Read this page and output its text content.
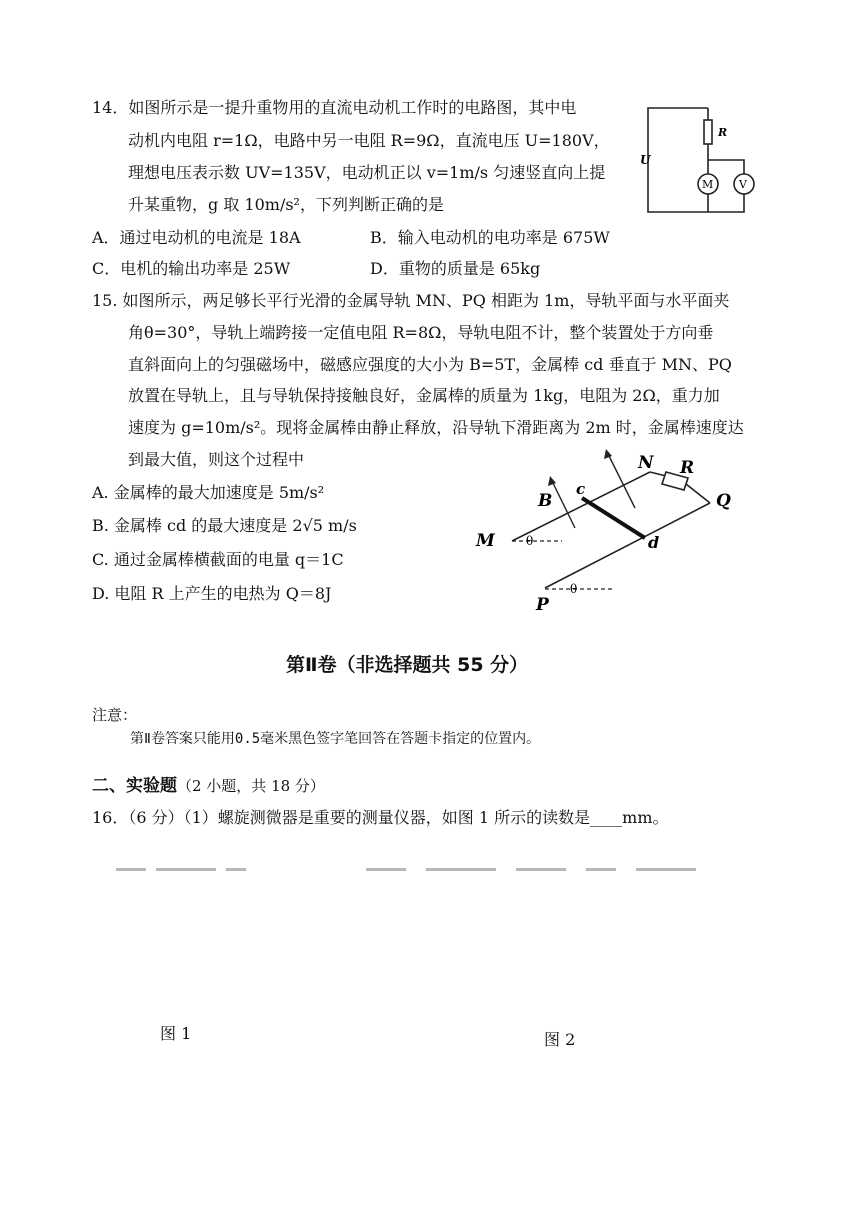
14．如图所示是一提升重物用的直流电动机工作时的电路图，其中电
动机内电阻 r=1Ω，电路中另一电阻 R=9Ω，直流电压 U=180V，
理想电压表示数 UV=135V，电动机正以 v=1m/s 匀速竖直向上提
升某重物，g 取 10m/s²，下列判断正确的是
A．通过电动机的电流是 18A	B．输入电动机的电功率是 675W
C．电机的输出功率是 25W	D．重物的质量是 65kg
R
U
M V
15. 如图所示，两足够长平行光滑的金属导轨 MN、PQ 相距为 1m，导轨平面与水平面夹
角θ=30°，导轨上端跨接一定值电阻 R=8Ω，导轨电阻不计，整个装置处于方向垂
直斜面向上的匀强磁场中，磁感应强度的大小为 B=5T，金属棒 cd 垂直于 MN、PQ
放置在导轨上，且与导轨保持接触良好，金属棒的质量为 1kg，电阻为 2Ω，重力加
速度为 g=10m/s²。现将金属棒由静止释放，沿导轨下滑距离为 2m 时，金属棒速度达
到最大值，则这个过程中
A. 金属棒的最大加速度是 5m/s²
B. 金属棒 cd 的最大速度是 2√5 m/s
C. 通过金属棒横截面的电量 q＝1C
D. 电阻 R 上产生的电热为 Q＝8J
N R
B
c
Q
M	d
P
θ
θ
第Ⅱ卷（非选择题共 55 分）
注意：
第Ⅱ卷答案只能用0.5毫米黑色签字笔回答在答题卡指定的位置内。
二、实验题（2 小题，共 18 分）
16．（6 分）（1）螺旋测微器是重要的测量仪器，如图 1 所示的读数是____mm。
图 1	图 2
